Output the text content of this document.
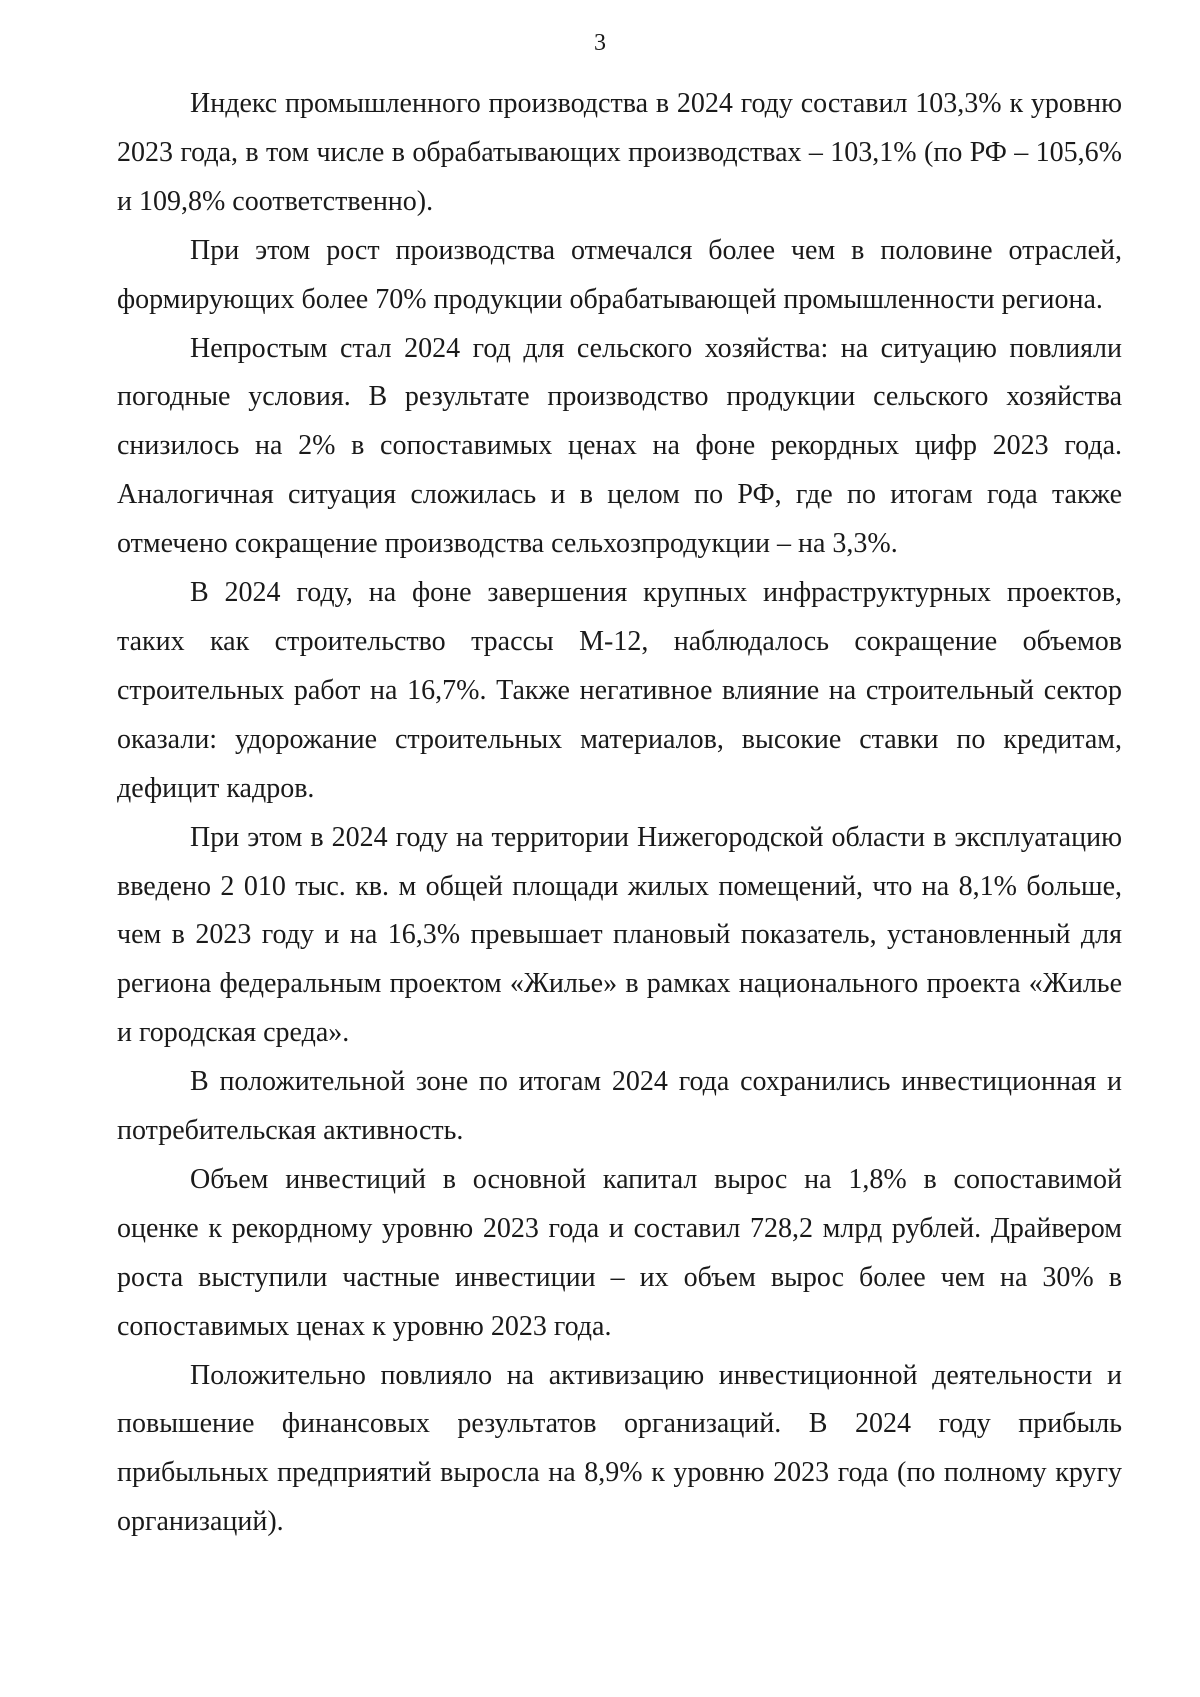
3

Индекс промышленного производства в 2024 году составил 103,3% к уровню 2023 года, в том числе в обрабатывающих производствах – 103,1% (по РФ – 105,6% и 109,8% соответственно).

При этом рост производства отмечался более чем в половине отраслей, формирующих более 70% продукции обрабатывающей промышленности региона.

Непростым стал 2024 год для сельского хозяйства: на ситуацию повлияли погодные условия. В результате производство продукции сельского хозяйства снизилось на 2% в сопоставимых ценах на фоне рекордных цифр 2023 года. Аналогичная ситуация сложилась и в целом по РФ, где по итогам года также отмечено сокращение производства сельхозпродукции – на 3,3%.

В 2024 году, на фоне завершения крупных инфраструктурных проектов, таких как строительство трассы М-12, наблюдалось сокращение объемов строительных работ на 16,7%. Также негативное влияние на строительный сектор оказали: удорожание строительных материалов, высокие ставки по кредитам, дефицит кадров.

При этом в 2024 году на территории Нижегородской области в эксплуатацию введено 2 010 тыс. кв. м общей площади жилых помещений, что на 8,1% больше, чем в 2023 году и на 16,3% превышает плановый показатель, установленный для региона федеральным проектом «Жилье» в рамках национального проекта «Жилье и городская среда».

В положительной зоне по итогам 2024 года сохранились инвестиционная и потребительская активность.

Объем инвестиций в основной капитал вырос на 1,8% в сопоставимой оценке к рекордному уровню 2023 года и составил 728,2 млрд рублей. Драйвером роста выступили частные инвестиции – их объем вырос более чем на 30% в сопоставимых ценах к уровню 2023 года.

Положительно повлияло на активизацию инвестиционной деятельности и повышение финансовых результатов организаций. В 2024 году прибыль прибыльных предприятий выросла на 8,9% к уровню 2023 года (по полному кругу организаций).
